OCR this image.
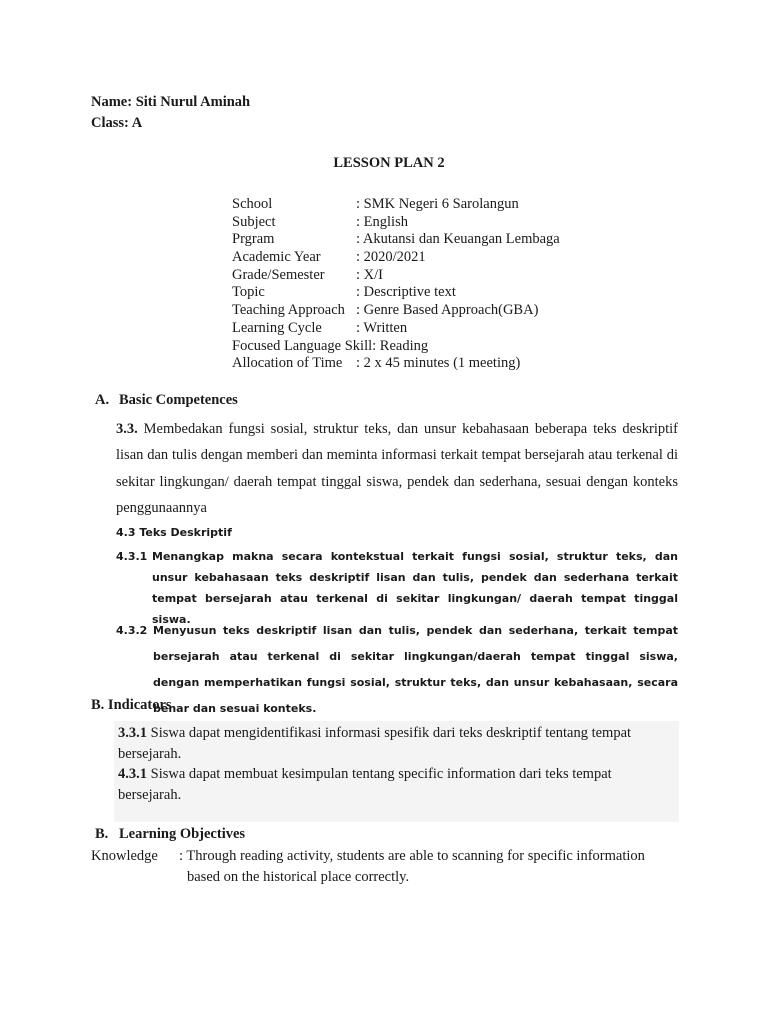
Name: Siti Nurul Aminah

Class: A

LESSON PLAN 2

School	: SMK Negeri 6 Sarolangun
Subject	: English
Prgram	: Akutansi dan Keuangan Lembaga
Academic Year : 2020/2021
Grade/Semester : X/I
Topic	: Descriptive text
Teaching Approach : Genre Based Approach(GBA)
Learning Cycle : Written
Focused Language Skill: Reading
Allocation of Time : 2 x 45 minutes (1 meeting)

A. Basic Competences

3.3. Membedakan fungsi sosial, struktur teks, dan unsur kebahasaan beberapa teks deskriptif lisan dan tulis dengan memberi dan meminta informasi terkait tempat bersejarah atau terkenal di sekitar lingkungan/ daerah tempat tinggal siswa, pendek dan sederhana, sesuai dengan konteks penggunaannya

4.3 Teks Deskriptif

4.3.1 Menangkap makna secara kontekstual terkait fungsi sosial, struktur teks, dan unsur kebahasaan teks deskriptif lisan dan tulis, pendek dan sederhana terkait tempat bersejarah atau terkenal di sekitar lingkungan/ daerah tempat tinggal siswa.
4.3.2 Menyusun teks deskriptif lisan dan tulis, pendek dan sederhana, terkait tempat bersejarah atau terkenal di sekitar lingkungan/daerah tempat tinggal siswa, dengan memperhatikan fungsi sosial, struktur teks, dan unsur kebahasaan, secara benar dan sesuai konteks.

B. Indicators

3.3.1 Siswa dapat mengidentifikasi informasi spesifik dari teks deskriptif tentang tempat bersejarah.
4.3.1 Siswa dapat membuat kesimpulan tentang specific information dari teks tempat bersejarah.

B. Learning Objectives

Knowledge : Through reading activity, students are able to scanning for specific information
based on the historical place correctly.
